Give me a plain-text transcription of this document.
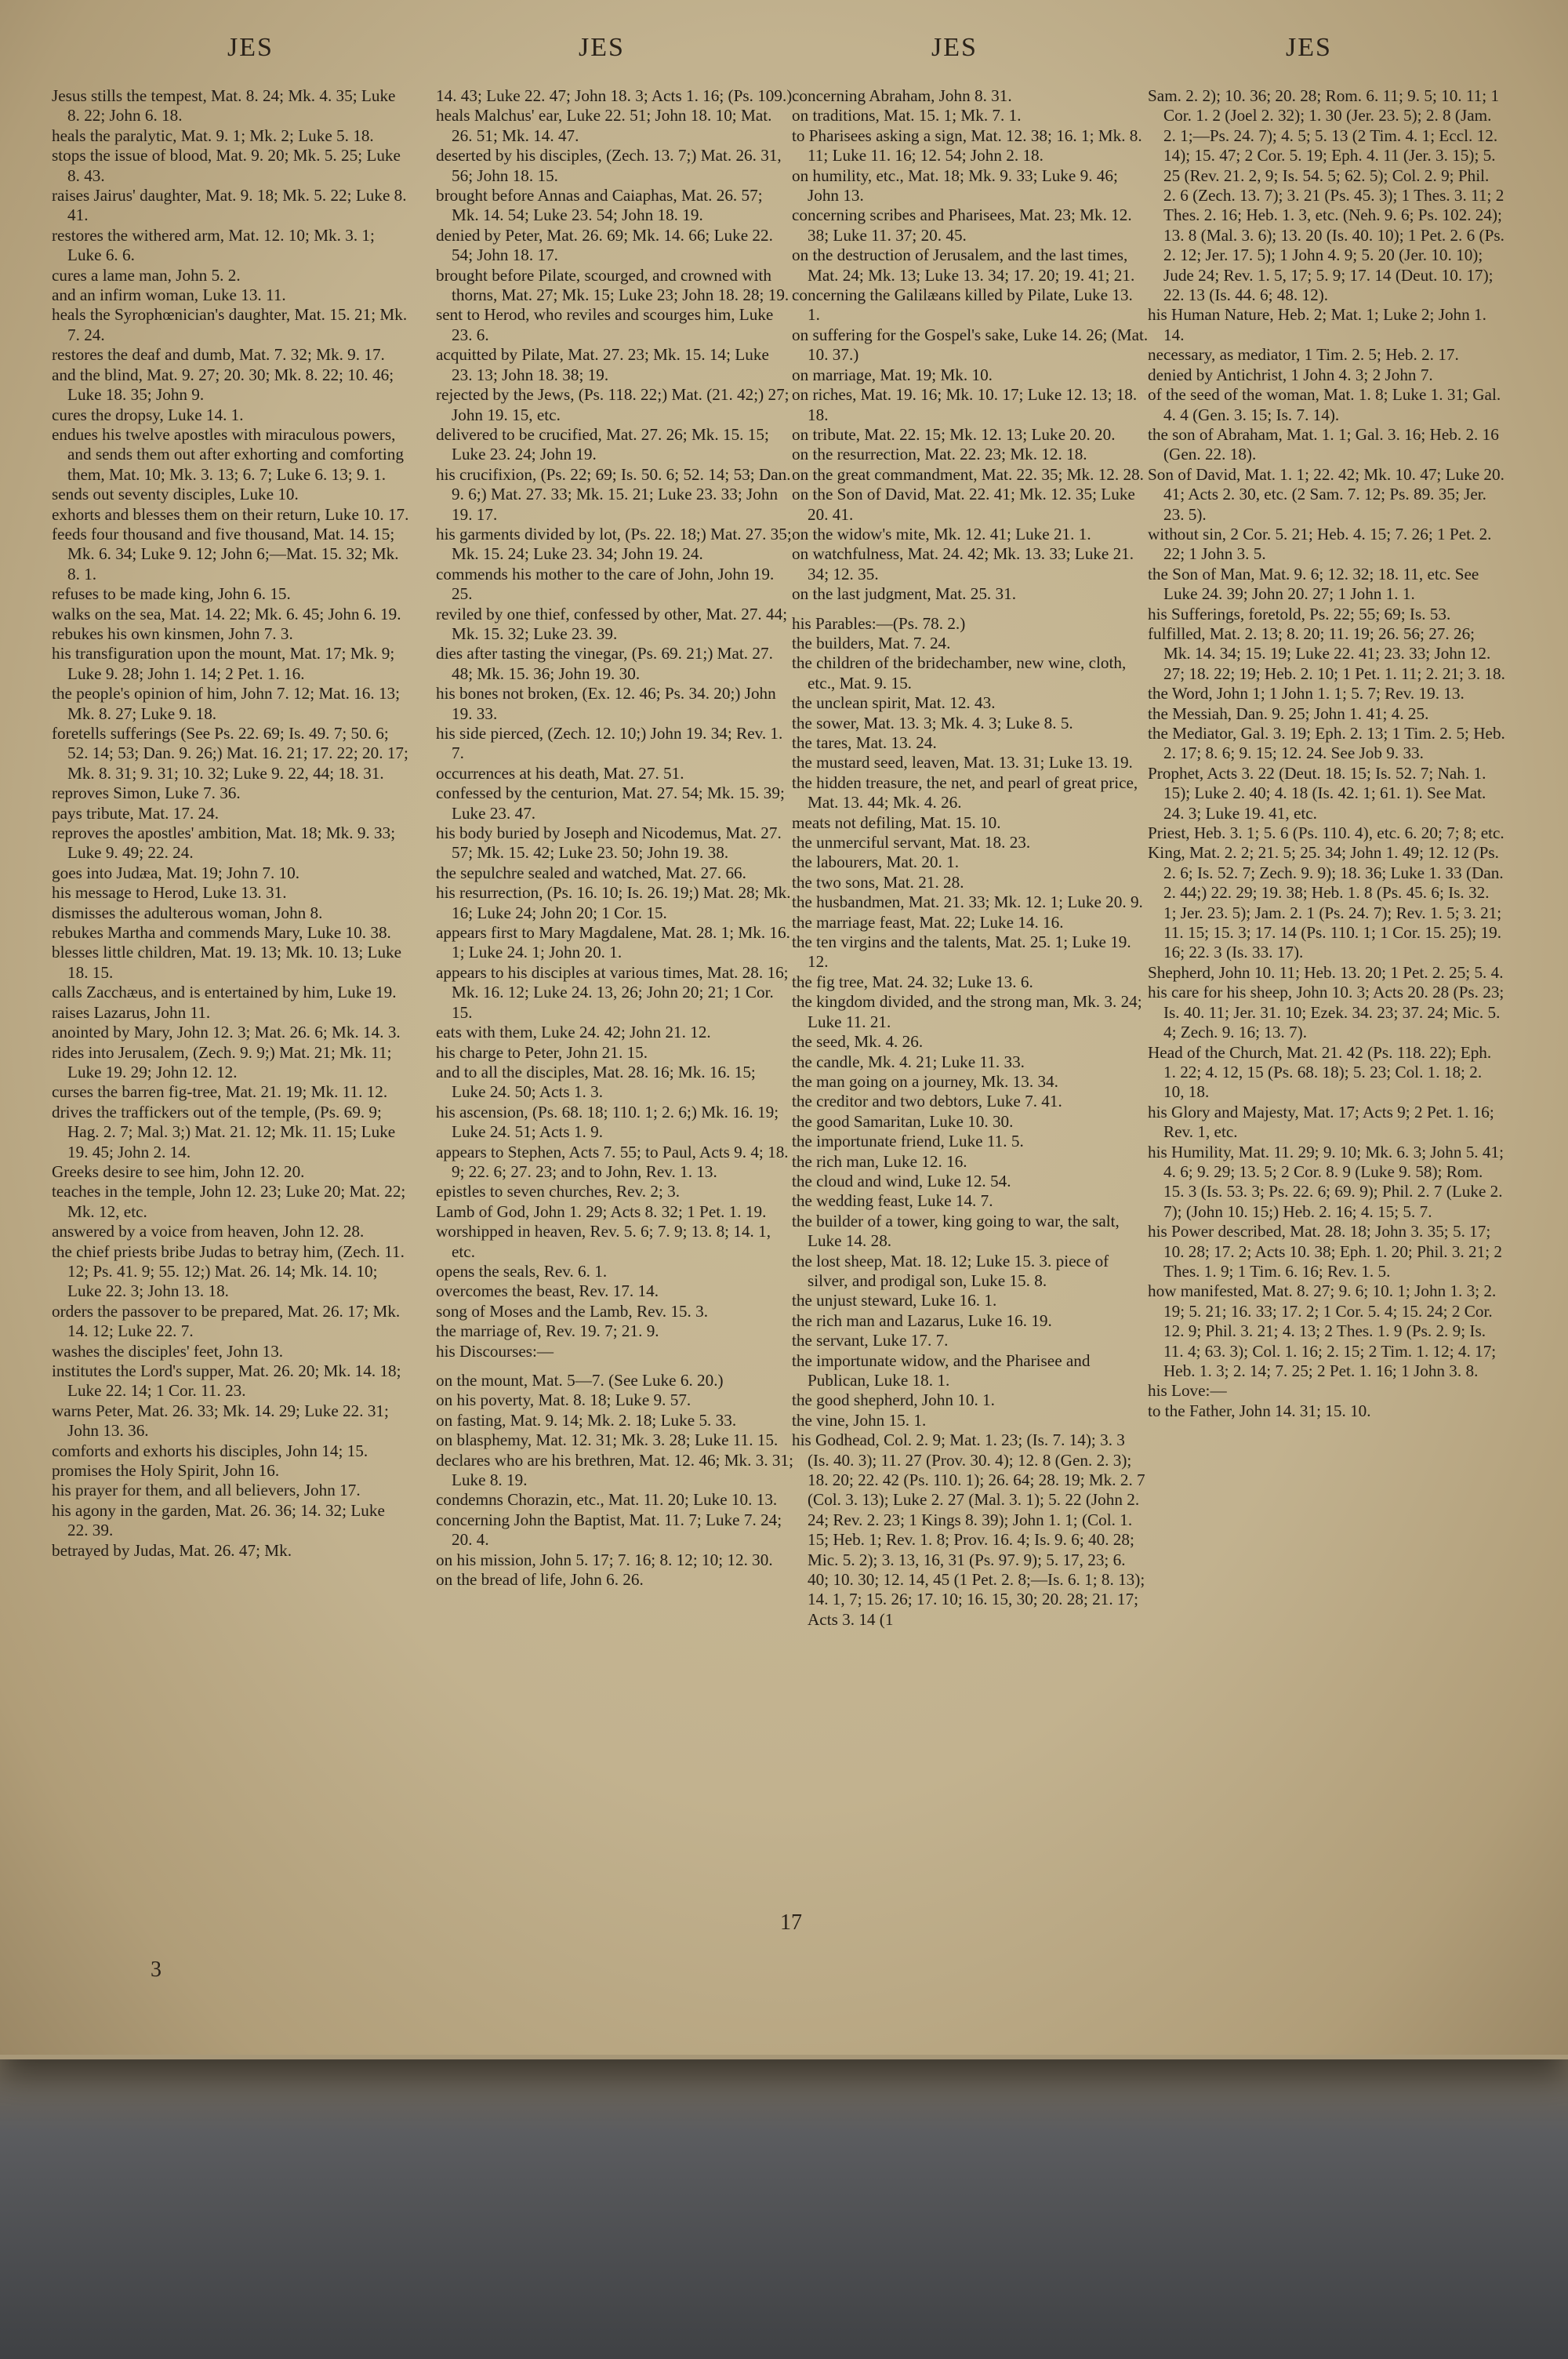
JES	JES	JES	JES

Jesus stills the tempest, Mat. 8. 24; Mk. 4. 35; Luke 8. 22; John 6. 18.

heals the paralytic, Mat. 9. 1; Mk. 2; Luke 5. 18.

stops the issue of blood, Mat. 9. 20; Mk. 5. 25; Luke 8. 43.

raises Jairus' daughter, Mat. 9. 18; Mk. 5. 22; Luke 8. 41.

restores the withered arm, Mat. 12. 10; Mk. 3. 1; Luke 6. 6.

cures a lame man, John 5. 2.

and an infirm woman, Luke 13. 11.

heals the Syrophœnician's daughter, Mat. 15. 21; Mk. 7. 24.

restores the deaf and dumb, Mat. 7. 32; Mk. 9. 17.

and the blind, Mat. 9. 27; 20. 30; Mk. 8. 22; 10. 46; Luke 18. 35; John 9.

cures the dropsy, Luke 14. 1.

endues his twelve apostles with miraculous powers, and sends them out after exhorting and comforting them, Mat. 10; Mk. 3. 13; 6. 7; Luke 6. 13; 9. 1.

sends out seventy disciples, Luke 10.

exhorts and blesses them on their return, Luke 10. 17.

feeds four thousand and five thousand, Mat. 14. 15; Mk. 6. 34; Luke 9. 12; John 6;—Mat. 15. 32; Mk. 8. 1.

refuses to be made king, John 6. 15.

walks on the sea, Mat. 14. 22; Mk. 6. 45; John 6. 19.

rebukes his own kinsmen, John 7. 3.

his transfiguration upon the mount, Mat. 17; Mk. 9; Luke 9. 28; John 1. 14; 2 Pet. 1. 16.

the people's opinion of him, John 7. 12; Mat. 16. 13; Mk. 8. 27; Luke 9. 18.

foretells sufferings (See Ps. 22. 69; Is. 49. 7; 50. 6; 52. 14; 53; Dan. 9. 26;) Mat. 16. 21; 17. 22; 20. 17; Mk. 8. 31; 9. 31; 10. 32; Luke 9. 22, 44; 18. 31.

reproves Simon, Luke 7. 36.

pays tribute, Mat. 17. 24.

reproves the apostles' ambition, Mat. 18; Mk. 9. 33; Luke 9. 49; 22. 24.

goes into Judæa, Mat. 19; John 7. 10.

his message to Herod, Luke 13. 31.

dismisses the adulterous woman, John 8.

rebukes Martha and commends Mary, Luke 10. 38.

blesses little children, Mat. 19. 13; Mk. 10. 13; Luke 18. 15.

calls Zacchæus, and is entertained by him, Luke 19.

raises Lazarus, John 11.

anointed by Mary, John 12. 3; Mat. 26. 6; Mk. 14. 3.

rides into Jerusalem, (Zech. 9. 9;) Mat. 21; Mk. 11; Luke 19. 29; John 12. 12.

curses the barren fig-tree, Mat. 21. 19; Mk. 11. 12.

drives the traffickers out of the temple, (Ps. 69. 9; Hag. 2. 7; Mal. 3;) Mat. 21. 12; Mk. 11. 15; Luke 19. 45; John 2. 14.

Greeks desire to see him, John 12. 20.

teaches in the temple, John 12. 23; Luke 20; Mat. 22; Mk. 12, etc.

answered by a voice from heaven, John 12. 28.

the chief priests bribe Judas to betray him, (Zech. 11. 12; Ps. 41. 9; 55. 12;) Mat. 26. 14; Mk. 14. 10; Luke 22. 3; John 13. 18.

orders the passover to be prepared, Mat. 26. 17; Mk. 14. 12; Luke 22. 7.

washes the disciples' feet, John 13.

institutes the Lord's supper, Mat. 26. 20; Mk. 14. 18; Luke 22. 14; 1 Cor. 11. 23.

warns Peter, Mat. 26. 33; Mk. 14. 29; Luke 22. 31; John 13. 36.

comforts and exhorts his disciples, John 14; 15.

promises the Holy Spirit, John 16.

his prayer for them, and all believers, John 17.

his agony in the garden, Mat. 26. 36; 14. 32; Luke 22. 39.

betrayed by Judas, Mat. 26. 47; Mk.

14. 43; Luke 22. 47; John 18. 3; Acts 1. 16; (Ps. 109.)

heals Malchus' ear, Luke 22. 51; John 18. 10; Mat. 26. 51; Mk. 14. 47.

deserted by his disciples, (Zech. 13. 7;) Mat. 26. 31, 56; John 18. 15.

brought before Annas and Caiaphas, Mat. 26. 57; Mk. 14. 54; Luke 23. 54; John 18. 19.

denied by Peter, Mat. 26. 69; Mk. 14. 66; Luke 22. 54; John 18. 17.

brought before Pilate, scourged, and crowned with thorns, Mat. 27; Mk. 15; Luke 23; John 18. 28; 19.

sent to Herod, who reviles and scourges him, Luke 23. 6.

acquitted by Pilate, Mat. 27. 23; Mk. 15. 14; Luke 23. 13; John 18. 38; 19.

rejected by the Jews, (Ps. 118. 22;) Mat. (21. 42;) 27; John 19. 15, etc.

delivered to be crucified, Mat. 27. 26; Mk. 15. 15; Luke 23. 24; John 19.

his crucifixion, (Ps. 22; 69; Is. 50. 6; 52. 14; 53; Dan. 9. 6;) Mat. 27. 33; Mk. 15. 21; Luke 23. 33; John 19. 17.

his garments divided by lot, (Ps. 22. 18;) Mat. 27. 35; Mk. 15. 24; Luke 23. 34; John 19. 24.

commends his mother to the care of John, John 19. 25.

reviled by one thief, confessed by other, Mat. 27. 44; Mk. 15. 32; Luke 23. 39.

dies after tasting the vinegar, (Ps. 69. 21;) Mat. 27. 48; Mk. 15. 36; John 19. 30.

his bones not broken, (Ex. 12. 46; Ps. 34. 20;) John 19. 33.

his side pierced, (Zech. 12. 10;) John 19. 34; Rev. 1. 7.

occurrences at his death, Mat. 27. 51.

confessed by the centurion, Mat. 27. 54; Mk. 15. 39; Luke 23. 47.

his body buried by Joseph and Nicodemus, Mat. 27. 57; Mk. 15. 42; Luke 23. 50; John 19. 38.

the sepulchre sealed and watched, Mat. 27. 66.

his resurrection, (Ps. 16. 10; Is. 26. 19;) Mat. 28; Mk. 16; Luke 24; John 20; 1 Cor. 15.

appears first to Mary Magdalene, Mat. 28. 1; Mk. 16. 1; Luke 24. 1; John 20. 1.

appears to his disciples at various times, Mat. 28. 16; Mk. 16. 12; Luke 24. 13, 26; John 20; 21; 1 Cor. 15.

eats with them, Luke 24. 42; John 21. 12.

his charge to Peter, John 21. 15.

and to all the disciples, Mat. 28. 16; Mk. 16. 15; Luke 24. 50; Acts 1. 3.

his ascension, (Ps. 68. 18; 110. 1; 2. 6;) Mk. 16. 19; Luke 24. 51; Acts 1. 9.

appears to Stephen, Acts 7. 55; to Paul, Acts 9. 4; 18. 9; 22. 6; 27. 23; and to John, Rev. 1. 13.

epistles to seven churches, Rev. 2; 3.

Lamb of God, John 1. 29; Acts 8. 32; 1 Pet. 1. 19.

worshipped in heaven, Rev. 5. 6; 7. 9; 13. 8; 14. 1, etc.

opens the seals, Rev. 6. 1.

overcomes the beast, Rev. 17. 14.

song of Moses and the Lamb, Rev. 15. 3.

the marriage of, Rev. 19. 7; 21. 9.

his Discourses:—

on the mount, Mat. 5—7. (See Luke 6. 20.)

on his poverty, Mat. 8. 18; Luke 9. 57.

on fasting, Mat. 9. 14; Mk. 2. 18; Luke 5. 33.

on blasphemy, Mat. 12. 31; Mk. 3. 28; Luke 11. 15.

declares who are his brethren, Mat. 12. 46; Mk. 3. 31; Luke 8. 19.

condemns Chorazin, etc., Mat. 11. 20; Luke 10. 13.

concerning John the Baptist, Mat. 11. 7; Luke 7. 24; 20. 4.

on his mission, John 5. 17; 7. 16; 8. 12; 10; 12. 30.

on the bread of life, John 6. 26.

concerning Abraham, John 8. 31.

on traditions, Mat. 15. 1; Mk. 7. 1.

to Pharisees asking a sign, Mat. 12. 38; 16. 1; Mk. 8. 11; Luke 11. 16; 12. 54; John 2. 18.

on humility, etc., Mat. 18; Mk. 9. 33; Luke 9. 46; John 13.

concerning scribes and Pharisees, Mat. 23; Mk. 12. 38; Luke 11. 37; 20. 45.

on the destruction of Jerusalem, and the last times, Mat. 24; Mk. 13; Luke 13. 34; 17. 20; 19. 41; 21.

concerning the Galilæans killed by Pilate, Luke 13. 1.

on suffering for the Gospel's sake, Luke 14. 26; (Mat. 10. 37.)

on marriage, Mat. 19; Mk. 10.

on riches, Mat. 19. 16; Mk. 10. 17; Luke 12. 13; 18. 18.

on tribute, Mat. 22. 15; Mk. 12. 13; Luke 20. 20.

on the resurrection, Mat. 22. 23; Mk. 12. 18.

on the great commandment, Mat. 22. 35; Mk. 12. 28.

on the Son of David, Mat. 22. 41; Mk. 12. 35; Luke 20. 41.

on the widow's mite, Mk. 12. 41; Luke 21. 1.

on watchfulness, Mat. 24. 42; Mk. 13. 33; Luke 21. 34; 12. 35.

on the last judgment, Mat. 25. 31.

his Parables:—(Ps. 78. 2.)

the builders, Mat. 7. 24.

the children of the bridechamber, new wine, cloth, etc., Mat. 9. 15.

the unclean spirit, Mat. 12. 43.

the sower, Mat. 13. 3; Mk. 4. 3; Luke 8. 5.

the tares, Mat. 13. 24.

the mustard seed, leaven, Mat. 13. 31; Luke 13. 19.

the hidden treasure, the net, and pearl of great price, Mat. 13. 44; Mk. 4. 26.

meats not defiling, Mat. 15. 10.

the unmerciful servant, Mat. 18. 23.

the labourers, Mat. 20. 1.

the two sons, Mat. 21. 28.

the husbandmen, Mat. 21. 33; Mk. 12. 1; Luke 20. 9.

the marriage feast, Mat. 22; Luke 14. 16.

the ten virgins and the talents, Mat. 25. 1; Luke 19. 12.

the fig tree, Mat. 24. 32; Luke 13. 6.

the kingdom divided, and the strong man, Mk. 3. 24; Luke 11. 21.

the seed, Mk. 4. 26.

the candle, Mk. 4. 21; Luke 11. 33.

the man going on a journey, Mk. 13. 34.

the creditor and two debtors, Luke 7. 41.

the good Samaritan, Luke 10. 30.

the importunate friend, Luke 11. 5.

the rich man, Luke 12. 16.

the cloud and wind, Luke 12. 54.

the wedding feast, Luke 14. 7.

the builder of a tower, king going to war, the salt, Luke 14. 28.

the lost sheep, Mat. 18. 12; Luke 15. 3. piece of silver, and prodigal son, Luke 15. 8.

the unjust steward, Luke 16. 1.

the rich man and Lazarus, Luke 16. 19.

the servant, Luke 17. 7.

the importunate widow, and the Pharisee and Publican, Luke 18. 1.

the good shepherd, John 10. 1.

the vine, John 15. 1.

his Godhead, Col. 2. 9; Mat. 1. 23; (Is. 7. 14); 3. 3 (Is. 40. 3); 11. 27 (Prov. 30. 4); 12. 8 (Gen. 2. 3); 18. 20; 22. 42 (Ps. 110. 1); 26. 64; 28. 19; Mk. 2. 7 (Col. 3. 13); Luke 2. 27 (Mal. 3. 1); 5. 22 (John 2. 24; Rev. 2. 23; 1 Kings 8. 39); John 1. 1; (Col. 1. 15; Heb. 1; Rev. 1. 8; Prov. 16. 4; Is. 9. 6; 40. 28; Mic. 5. 2); 3. 13, 16, 31 (Ps. 97. 9); 5. 17, 23; 6. 40; 10. 30; 12. 14, 45 (1 Pet. 2. 8;—Is. 6. 1; 8. 13); 14. 1, 7; 15. 26; 17. 10; 16. 15, 30; 20. 28; 21. 17; Acts 3. 14 (1

Sam. 2. 2); 10. 36; 20. 28; Rom. 6. 11; 9. 5; 10. 11; 1 Cor. 1. 2 (Joel 2. 32); 1. 30 (Jer. 23. 5); 2. 8 (Jam. 2. 1;—Ps. 24. 7); 4. 5; 5. 13 (2 Tim. 4. 1; Eccl. 12. 14); 15. 47; 2 Cor. 5. 19; Eph. 4. 11 (Jer. 3. 15); 5. 25 (Rev. 21. 2, 9; Is. 54. 5; 62. 5); Col. 2. 9; Phil. 2. 6 (Zech. 13. 7); 3. 21 (Ps. 45. 3); 1 Thes. 3. 11; 2 Thes. 2. 16; Heb. 1. 3, etc. (Neh. 9. 6; Ps. 102. 24); 13. 8 (Mal. 3. 6); 13. 20 (Is. 40. 10); 1 Pet. 2. 6 (Ps. 2. 12; Jer. 17. 5); 1 John 4. 9; 5. 20 (Jer. 10. 10); Jude 24; Rev. 1. 5, 17; 5. 9; 17. 14 (Deut. 10. 17); 22. 13 (Is. 44. 6; 48. 12).

his Human Nature, Heb. 2; Mat. 1; Luke 2; John 1. 14.

necessary, as mediator, 1 Tim. 2. 5; Heb. 2. 17.

denied by Antichrist, 1 John 4. 3; 2 John 7.

of the seed of the woman, Mat. 1. 8; Luke 1. 31; Gal. 4. 4 (Gen. 3. 15; Is. 7. 14).

the son of Abraham, Mat. 1. 1; Gal. 3. 16; Heb. 2. 16 (Gen. 22. 18).

Son of David, Mat. 1. 1; 22. 42; Mk. 10. 47; Luke 20. 41; Acts 2. 30, etc. (2 Sam. 7. 12; Ps. 89. 35; Jer. 23. 5).

without sin, 2 Cor. 5. 21; Heb. 4. 15; 7. 26; 1 Pet. 2. 22; 1 John 3. 5.

the Son of Man, Mat. 9. 6; 12. 32; 18. 11, etc. See Luke 24. 39; John 20. 27; 1 John 1. 1.

his Sufferings, foretold, Ps. 22; 55; 69; Is. 53.

fulfilled, Mat. 2. 13; 8. 20; 11. 19; 26. 56; 27. 26; Mk. 14. 34; 15. 19; Luke 22. 41; 23. 33; John 12. 27; 18. 22; 19; Heb. 2. 10; 1 Pet. 1. 11; 2. 21; 3. 18.

the Word, John 1; 1 John 1. 1; 5. 7; Rev. 19. 13.

the Messiah, Dan. 9. 25; John 1. 41; 4. 25.

the Mediator, Gal. 3. 19; Eph. 2. 13; 1 Tim. 2. 5; Heb. 2. 17; 8. 6; 9. 15; 12. 24. See Job 9. 33.

Prophet, Acts 3. 22 (Deut. 18. 15; Is. 52. 7; Nah. 1. 15); Luke 2. 40; 4. 18 (Is. 42. 1; 61. 1). See Mat. 24. 3; Luke 19. 41, etc.

Priest, Heb. 3. 1; 5. 6 (Ps. 110. 4), etc. 6. 20; 7; 8; etc.

King, Mat. 2. 2; 21. 5; 25. 34; John 1. 49; 12. 12 (Ps. 2. 6; Is. 52. 7; Zech. 9. 9); 18. 36; Luke 1. 33 (Dan. 2. 44;) 22. 29; 19. 38; Heb. 1. 8 (Ps. 45. 6; Is. 32. 1; Jer. 23. 5); Jam. 2. 1 (Ps. 24. 7); Rev. 1. 5; 3. 21; 11. 15; 15. 3; 17. 14 (Ps. 110. 1; 1 Cor. 15. 25); 19. 16; 22. 3 (Is. 33. 17).

Shepherd, John 10. 11; Heb. 13. 20; 1 Pet. 2. 25; 5. 4.

his care for his sheep, John 10. 3; Acts 20. 28 (Ps. 23; Is. 40. 11; Jer. 31. 10; Ezek. 34. 23; 37. 24; Mic. 5. 4; Zech. 9. 16; 13. 7).

Head of the Church, Mat. 21. 42 (Ps. 118. 22); Eph. 1. 22; 4. 12, 15 (Ps. 68. 18); 5. 23; Col. 1. 18; 2. 10, 18.

his Glory and Majesty, Mat. 17; Acts 9; 2 Pet. 1. 16; Rev. 1, etc.

his Humility, Mat. 11. 29; 9. 10; Mk. 6. 3; John 5. 41; 4. 6; 9. 29; 13. 5; 2 Cor. 8. 9 (Luke 9. 58); Rom. 15. 3 (Is. 53. 3; Ps. 22. 6; 69. 9); Phil. 2. 7 (Luke 2. 7); (John 10. 15;) Heb. 2. 16; 4. 15; 5. 7.

his Power described, Mat. 28. 18; John 3. 35; 5. 17; 10. 28; 17. 2; Acts 10. 38; Eph. 1. 20; Phil. 3. 21; 2 Thes. 1. 9; 1 Tim. 6. 16; Rev. 1. 5.

how manifested, Mat. 8. 27; 9. 6; 10. 1; John 1. 3; 2. 19; 5. 21; 16. 33; 17. 2; 1 Cor. 5. 4; 15. 24; 2 Cor. 12. 9; Phil. 3. 21; 4. 13; 2 Thes. 1. 9 (Ps. 2. 9; Is. 11. 4; 63. 3); Col. 1. 16; 2. 15; 2 Tim. 1. 12; 4. 17; Heb. 1. 3; 2. 14; 7. 25; 2 Pet. 1. 16; 1 John 3. 8.

his Love:—

to the Father, John 14. 31; 15. 10.

3
17
